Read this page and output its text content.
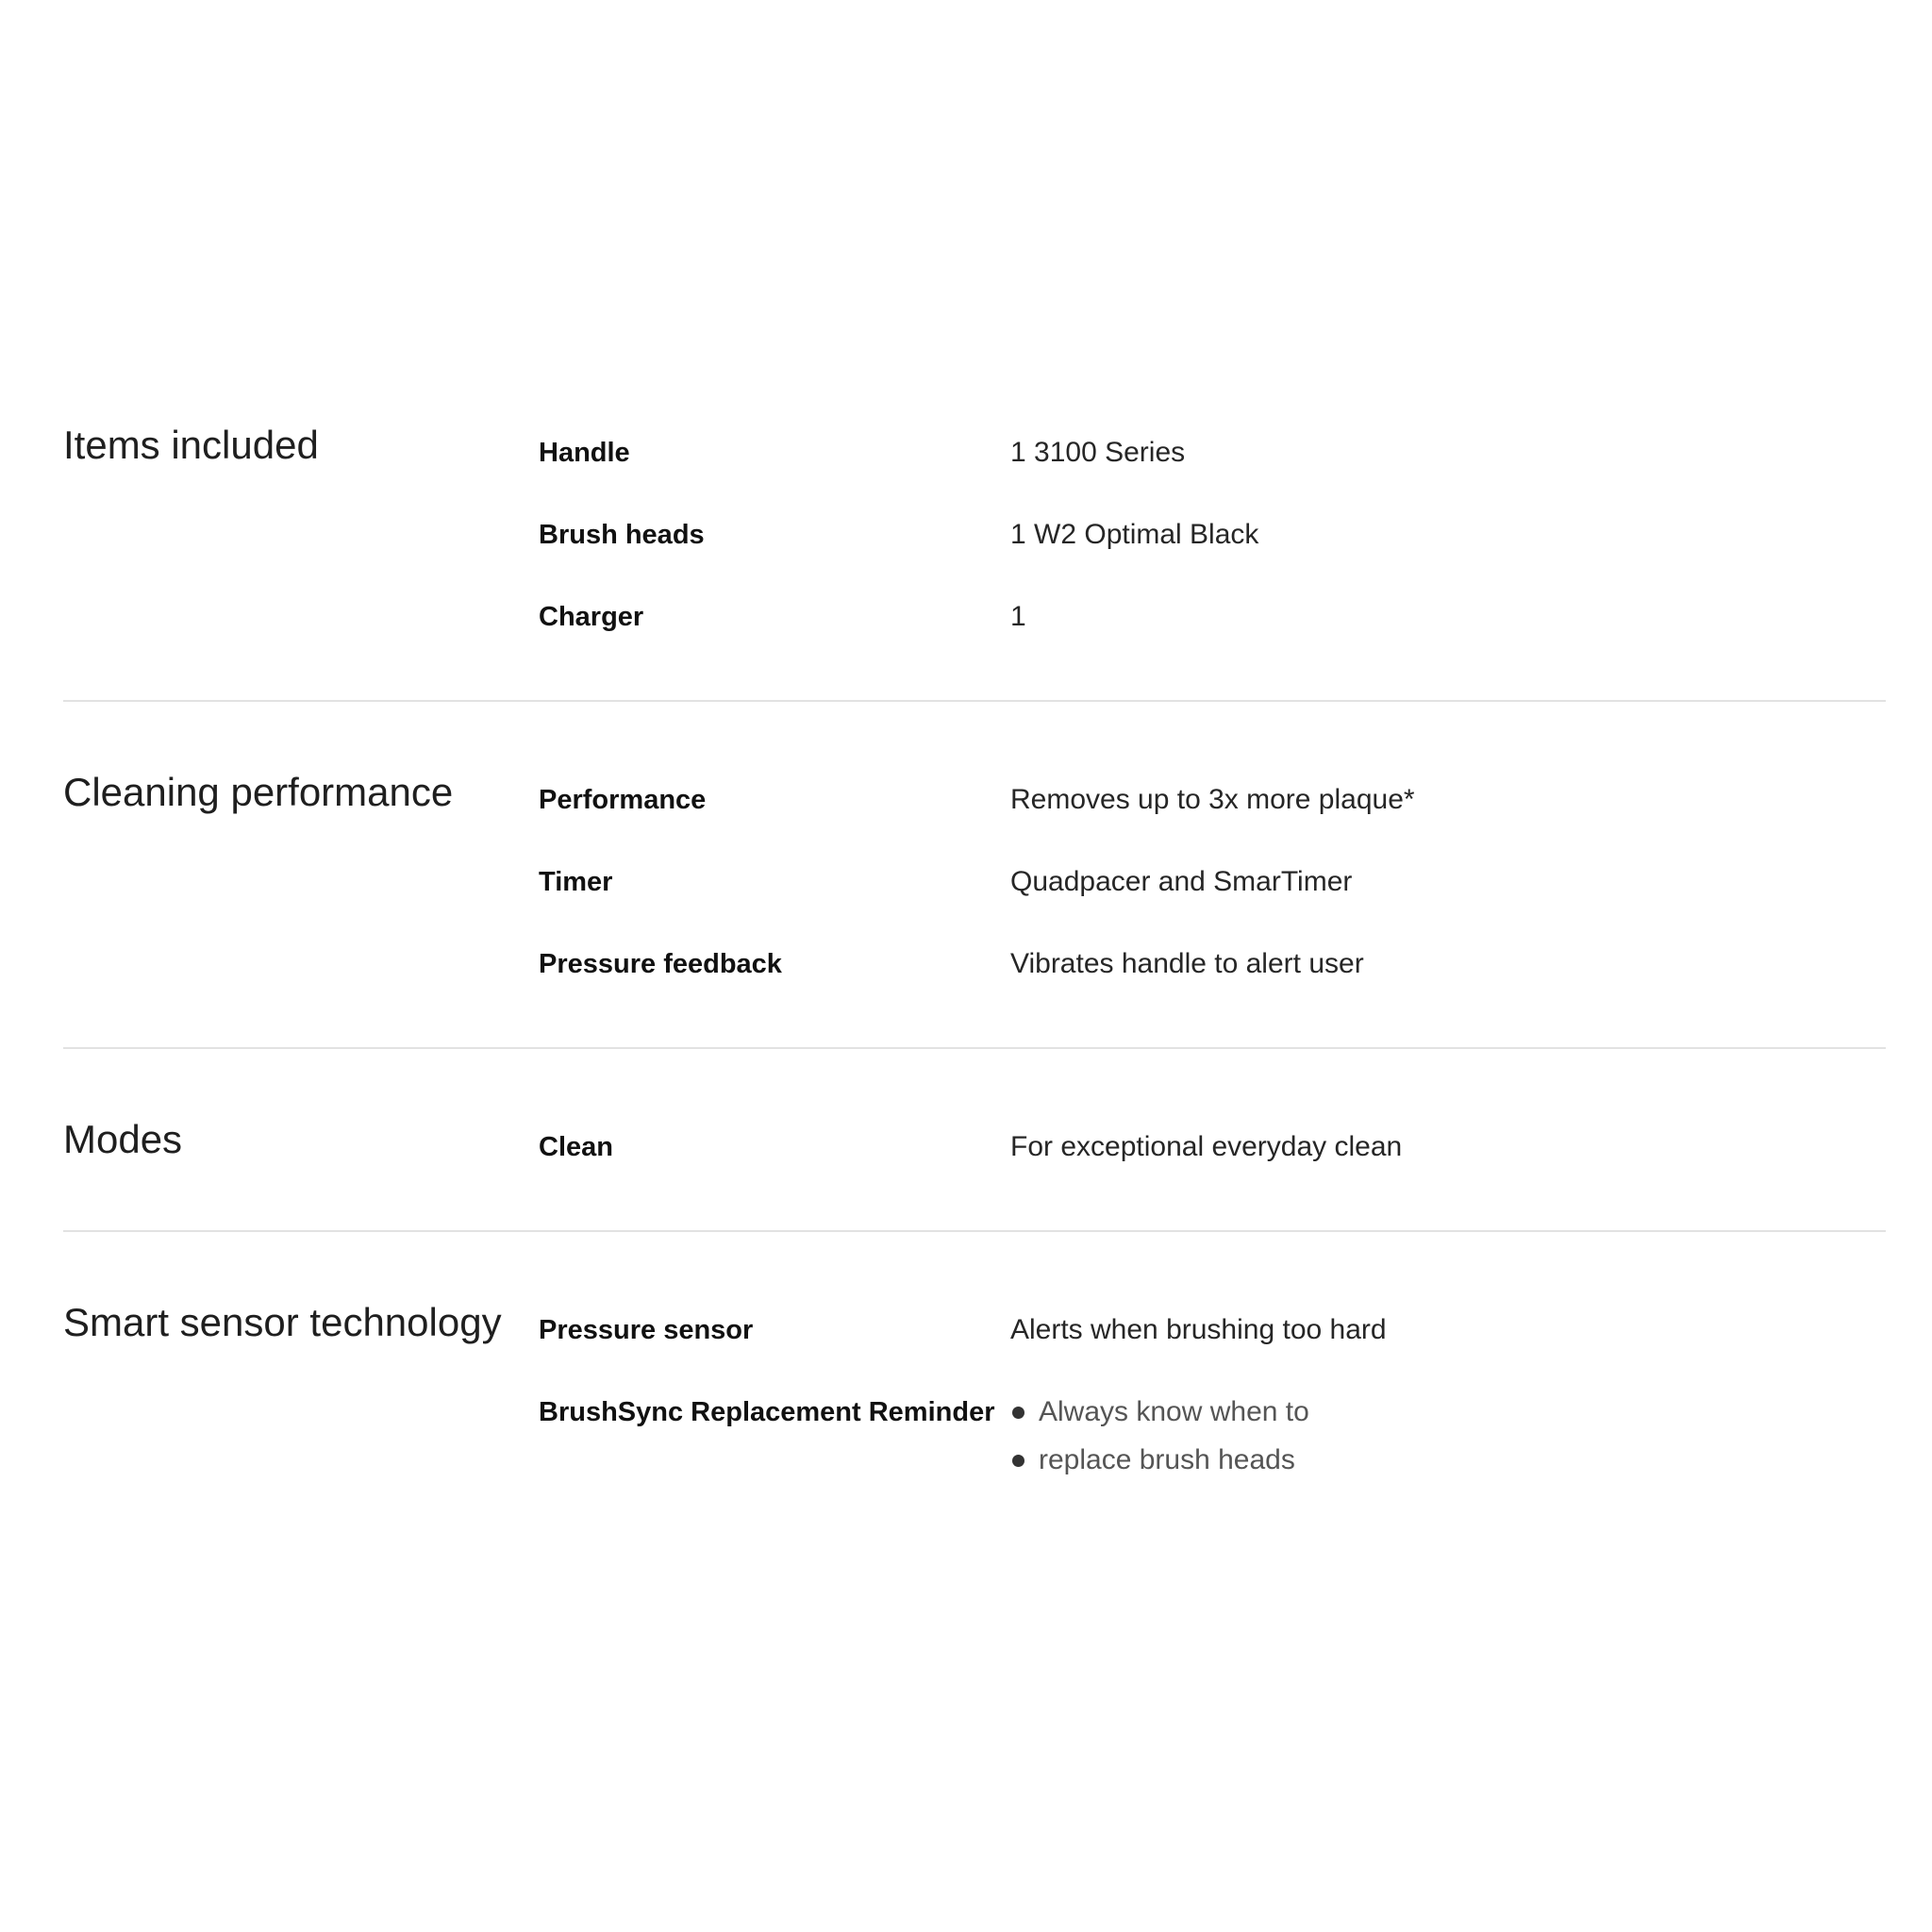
Items included	Handle	1 3100 Series
Brush heads	1 W2 Optimal Black
Charger	1
Cleaning performance	Performance	Removes up to 3x more plaque*
Timer	Quadpacer and SmarTimer
Pressure feedback	Vibrates handle to alert user
Modes	Clean	For exceptional everyday clean
Smart sensor technology	Pressure sensor	Alerts when brushing too hard
BrushSync Replacement Reminder	Always know when to
replace brush heads
